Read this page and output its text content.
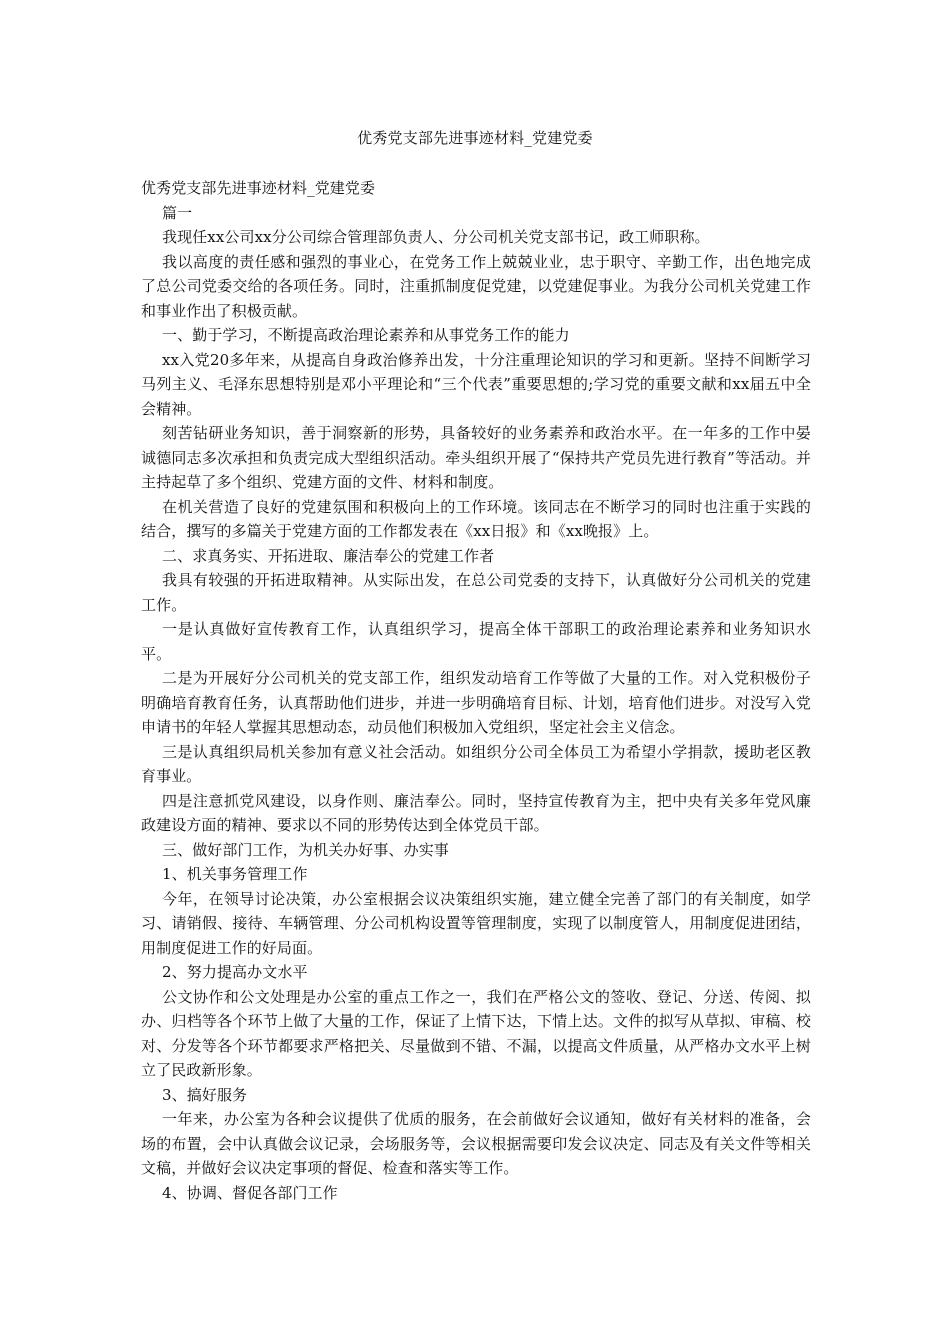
优秀党支部先进事迹材料_党建党委

优秀党支部先进事迹材料_党建党委

篇一

我现任xx公司xx分公司综合管理部负责人、分公司机关党支部书记，政工师职称。

我以高度的责任感和强烈的事业心，在党务工作上兢兢业业，忠于职守、辛勤工作，出色地完成了总公司党委交给的各项任务。同时，注重抓制度促党建，以党建促事业。为我分公司机关党建工作和事业作出了积极贡献。

一、勤于学习，不断提高政治理论素养和从事党务工作的能力

xx入党20多年来，从提高自身政治修养出发，十分注重理论知识的学习和更新。坚持不间断学习马列主义、毛泽东思想特别是邓小平理论和“三个代表”重要思想的;学习党的重要文献和xx届五中全会精神。

刻苦钻研业务知识，善于洞察新的形势，具备较好的业务素养和政治水平。在一年多的工作中晏诚德同志多次承担和负责完成大型组织活动。牵头组织开展了“保持共产党员先进行教育”等活动。并主持起草了多个组织、党建方面的文件、材料和制度。

在机关营造了良好的党建氛围和积极向上的工作环境。该同志在不断学习的同时也注重于实践的结合，撰写的多篇关于党建方面的工作都发表在《xx日报》和《xx晚报》上。

二、求真务实、开拓进取、廉洁奉公的党建工作者

我具有较强的开拓进取精神。从实际出发，在总公司党委的支持下，认真做好分公司机关的党建工作。

一是认真做好宣传教育工作，认真组织学习，提高全体干部职工的政治理论素养和业务知识水平。

二是为开展好分公司机关的党支部工作，组织发动培育工作等做了大量的工作。对入党积极份子明确培育教育任务，认真帮助他们进步，并进一步明确培育目标、计划，培育他们进步。对没写入党申请书的年轻人掌握其思想动态，动员他们积极加入党组织，坚定社会主义信念。

三是认真组织局机关参加有意义社会活动。如组织分公司全体员工为希望小学捐款，援助老区教育事业。

四是注意抓党风建设，以身作则、廉洁奉公。同时，坚持宣传教育为主，把中央有关多年党风廉政建设方面的精神、要求以不同的形势传达到全体党员干部。

三、做好部门工作，为机关办好事、办实事

1、机关事务管理工作

今年，在领导讨论决策，办公室根据会议决策组织实施，建立健全完善了部门的有关制度，如学习、请销假、接待、车辆管理、分公司机构设置等管理制度，实现了以制度管人，用制度促进团结，用制度促进工作的好局面。

2、努力提高办文水平

公文协作和公文处理是办公室的重点工作之一，我们在严格公文的签收、登记、分送、传阅、拟办、归档等各个环节上做了大量的工作，保证了上情下达，下情上达。文件的拟写从草拟、审稿、校对、分发等各个环节都要求严格把关、尽量做到不错、不漏，以提高文件质量，从严格办文水平上树立了民政新形象。

3、搞好服务

一年来，办公室为各种会议提供了优质的服务，在会前做好会议通知，做好有关材料的准备，会场的布置，会中认真做会议记录，会场服务等，会议根据需要印发会议决定、同志及有关文件等相关文稿，并做好会议决定事项的督促、检查和落实等工作。

4、协调、督促各部门工作
